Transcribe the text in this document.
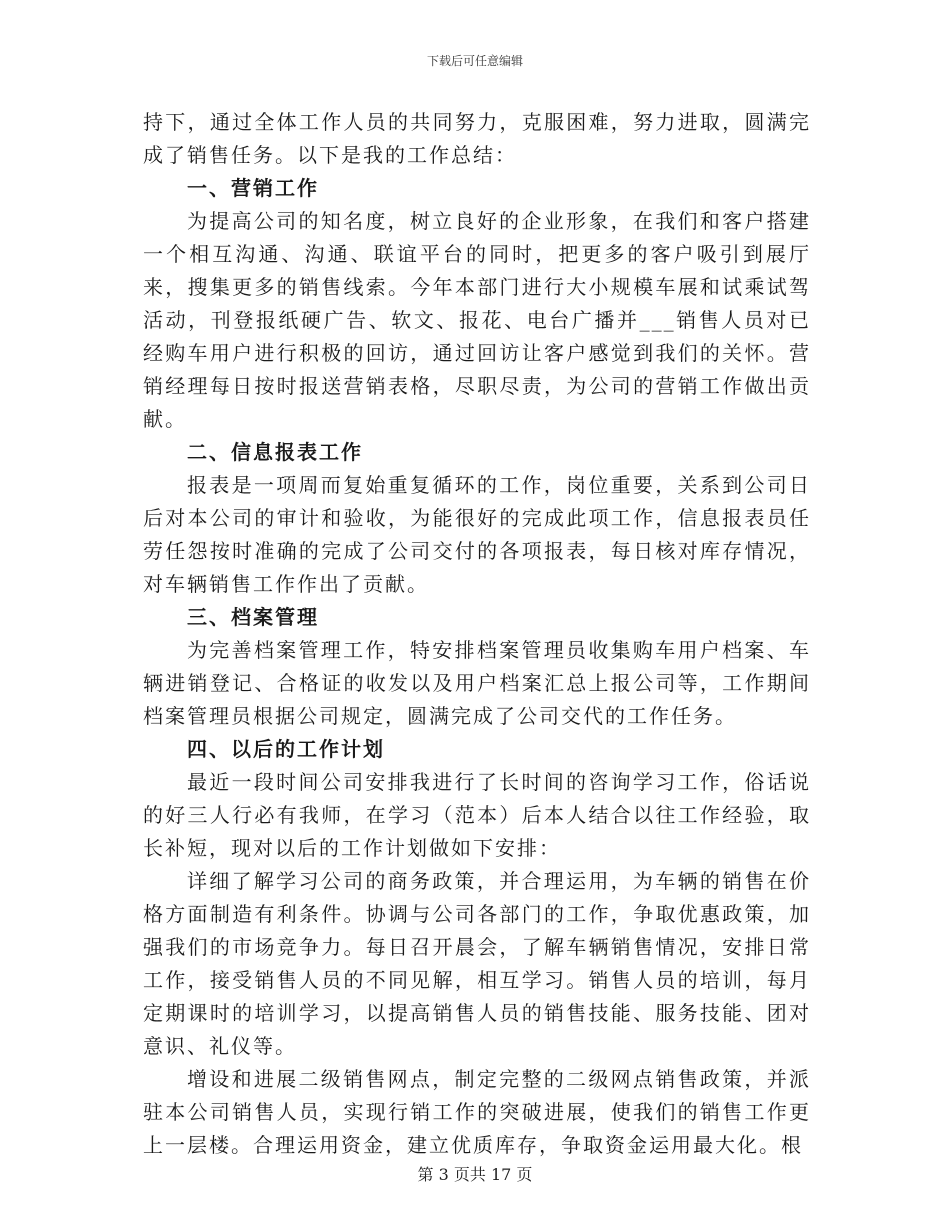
下载后可任意编辑

持下，通过全体工作人员的共同努力，克服困难，努力进取，圆满完成了销售任务。以下是我的工作总结：

一、营销工作

为提高公司的知名度，树立良好的企业形象，在我们和客户搭建一个相互沟通、沟通、联谊平台的同时，把更多的客户吸引到展厅来，搜集更多的销售线索。今年本部门进行大小规模车展和试乘试驾活动，刊登报纸硬广告、软文、报花、电台广播并___销售人员对已经购车用户进行积极的回访，通过回访让客户感觉到我们的关怀。营销经理每日按时报送营销表格，尽职尽责，为公司的营销工作做出贡献。

二、信息报表工作

报表是一项周而复始重复循环的工作，岗位重要，关系到公司日后对本公司的审计和验收，为能很好的完成此项工作，信息报表员任劳任怨按时准确的完成了公司交付的各项报表，每日核对库存情况，对车辆销售工作作出了贡献。

三、档案管理

为完善档案管理工作，特安排档案管理员收集购车用户档案、车辆进销登记、合格证的收发以及用户档案汇总上报公司等，工作期间档案管理员根据公司规定，圆满完成了公司交代的工作任务。

四、以后的工作计划

最近一段时间公司安排我进行了长时间的咨询学习工作，俗话说的好三人行必有我师，在学习（范本）后本人结合以往工作经验，取长补短，现对以后的工作计划做如下安排：

详细了解学习公司的商务政策，并合理运用，为车辆的销售在价格方面制造有利条件。协调与公司各部门的工作，争取优惠政策，加强我们的市场竞争力。每日召开晨会，了解车辆销售情况，安排日常工作，接受销售人员的不同见解，相互学习。销售人员的培训，每月定期课时的培训学习，以提高销售人员的销售技能、服务技能、团对意识、礼仪等。

增设和进展二级销售网点，制定完整的二级网点销售政策，并派驻本公司销售人员，实现行销工作的突破进展，使我们的销售工作更上一层楼。合理运用资金，建立优质库存，争取资金运用最大化。根

第 3 页共 17 页
